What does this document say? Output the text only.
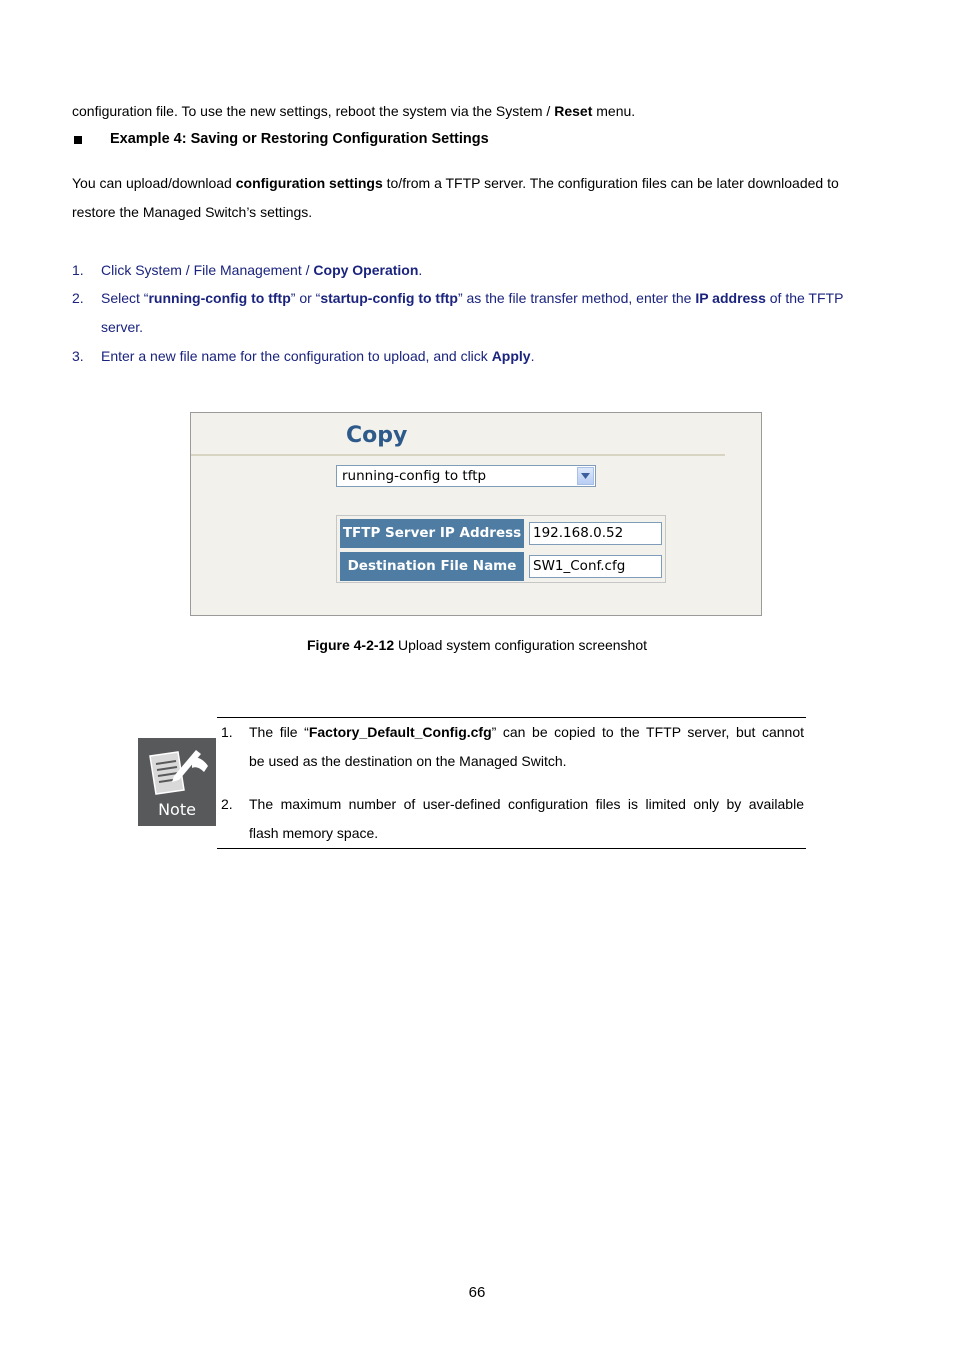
configuration file. To use the new settings, reboot the system via the System / Reset menu.
Example 4: Saving or Restoring Configuration Settings
You can upload/download configuration settings to/from a TFTP server. The configuration files can be later downloaded to
restore the Managed Switch’s settings.
1. Click System / File Management / Copy Operation.
2. Select “running-config to tftp” or “startup-config to tftp” as the file transfer method, enter the IP address of the TFTP
server.
3. Enter a new file name for the configuration to upload, and click Apply.
Copy
running-config to tftp
TFTP Server IP Address 192.168.0.52
Destination File Name	SW1_Conf.cfg
Figure 4-2-12 Upload system configuration screenshot
Note
1. The file “Factory_Default_Config.cfg” can be copied to the TFTP server, but cannot
be used as the destination on the Managed Switch.
2. The maximum number of user-defined configuration files is limited only by available
flash memory space.
66
